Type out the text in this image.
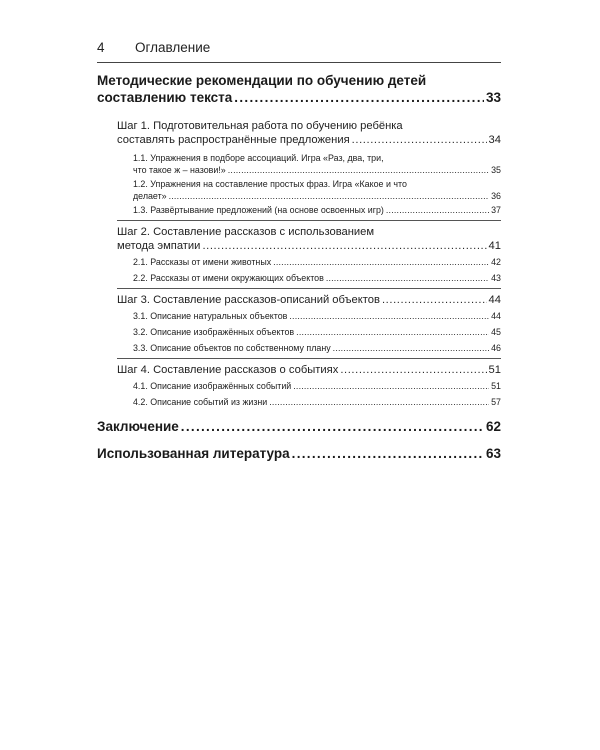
4	Оглавление
Методические рекомендации по обучению детей
составлению текста .....	33
Шаг 1. Подготовительная работа по обучению ребёнка
составлять распространённые предложения .....	34
1.1. Упражнения в подборе ассоциаций. Игра «Раз, два, три,
что такое ж – назови!» .....	35
1.2. Упражнения на составление простых фраз. Игра «Какое и что
делает» .....	36
1.3. Развёртывание предложений (на основе освоенных игр) .....	37
Шаг 2. Составление рассказов с использованием
метода эмпатии .....	41
2.1. Рассказы от имени животных .....	42
2.2. Рассказы от имени окружающих объектов .....	43
Шаг 3. Составление рассказов-описаний объектов .....	44
3.1. Описание натуральных объектов .....	44
3.2. Описание изображённых объектов .....	45
3.3. Описание объектов по собственному плану .....	46
Шаг 4. Составление рассказов о событиях .....	51
4.1. Описание изображённых событий .....	51
4.2. Описание событий из жизни .....	57
Заключение .....	62
Использованная литература .....	63
